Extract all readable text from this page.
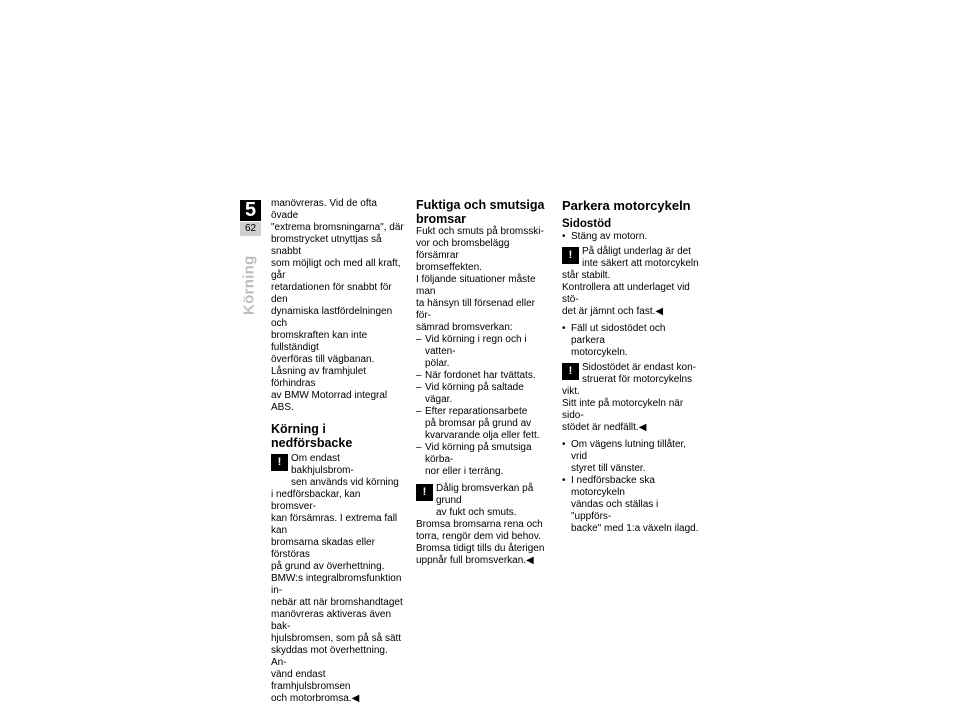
5
62
Körning
manövreras. Vid de ofta övade
"extrema bromsningarna", där
bromstrycket utnyttjas så snabbt
som möjligt och med all kraft, går
retardationen för snabbt för den
dynamiska lastfördelningen och
bromskraften kan inte fullständigt
överföras till vägbanan.
Låsning av framhjulet förhindras
av BMW Motorrad integral ABS.
Körning i nedförsbacke
! Om endast bakhjulsbrom-
sen används vid körning
i nedförsbackar, kan bromsver-
kan försämras. I extrema fall kan
bromsarna skadas eller förstöras
på grund av överhettning.
BMW:s integralbromsfunktion in-
nebär att när bromshandtaget
manövreras aktiveras även bak-
hjulsbromsen, som på så sätt
skyddas mot överhettning. An-
vänd endast framhjulsbromsen
och motorbromsa.◀
Fuktiga och smutsiga
bromsar
Fukt och smuts på bromsski-
vor och bromsbelägg försämrar
bromseffekten.
I följande situationer måste man
ta hänsyn till försenad eller för-
sämrad bromsverkan:
– Vid körning i regn och i vatten-
pölar.
– När fordonet har tvättats.
– Vid körning på saltade vägar.
– Efter reparationsarbete
på bromsar på grund av
kvarvarande olja eller fett.
– Vid körning på smutsiga körba-
nor eller i terräng.
! Dålig bromsverkan på grund
av fukt och smuts.
Bromsa bromsarna rena och
torra, rengör dem vid behov.
Bromsa tidigt tills du återigen
uppnår full bromsverkan.◀
Parkera motorcykeln
Sidostöd
• Stäng av motorn.
! På dåligt underlag är det
inte säkert att motorcykeln
står stabilt.
Kontrollera att underlaget vid stö-
det är jämnt och fast.◀
• Fäll ut sidostödet och parkera
motorcykeln.
! Sidostödet är endast kon-
struerat för motorcykelns
vikt.
Sitt inte på motorcykeln när sido-
stödet är nedfällt.◀
• Om vägens lutning tillåter, vrid
styret till vänster.
• I nedförsbacke ska motorcykeln
vändas och ställas i "uppförs-
backe" med 1:a växeln ilagd.
